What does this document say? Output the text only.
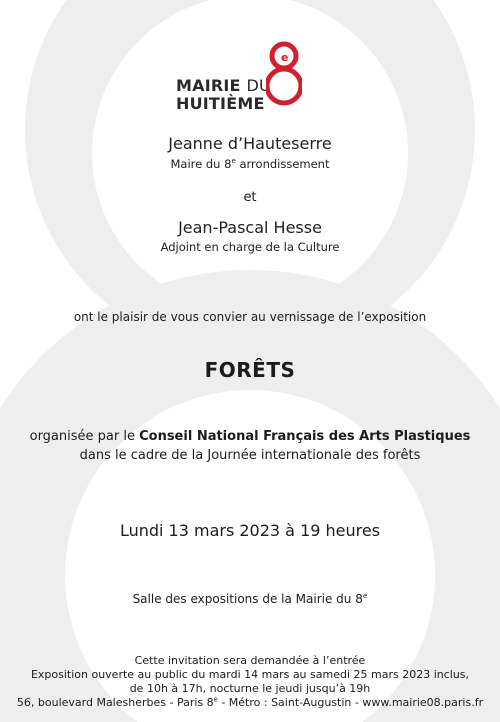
MAIRIE DU
HUITIÈME
e
Jeanne d’Hauteserre
Maire du 8e arrondissement
et
Jean-Pascal Hesse
Adjoint en charge de la Culture
ont le plaisir de vous convier au vernissage de l’exposition
FORÊTS
organisée par le Conseil National Français des Arts Plastiques
dans le cadre de la Journée internationale des forêts
Lundi 13 mars 2023 à 19 heures
Salle des expositions de la Mairie du 8e
Cette invitation sera demandée à l’entrée
Exposition ouverte au public du mardi 14 mars au samedi 25 mars 2023 inclus,
de 10h à 17h, nocturne le jeudi jusqu’à 19h
56, boulevard Malesherbes - Paris 8e - Métro : Saint-Augustin - www.mairie08.paris.fr
